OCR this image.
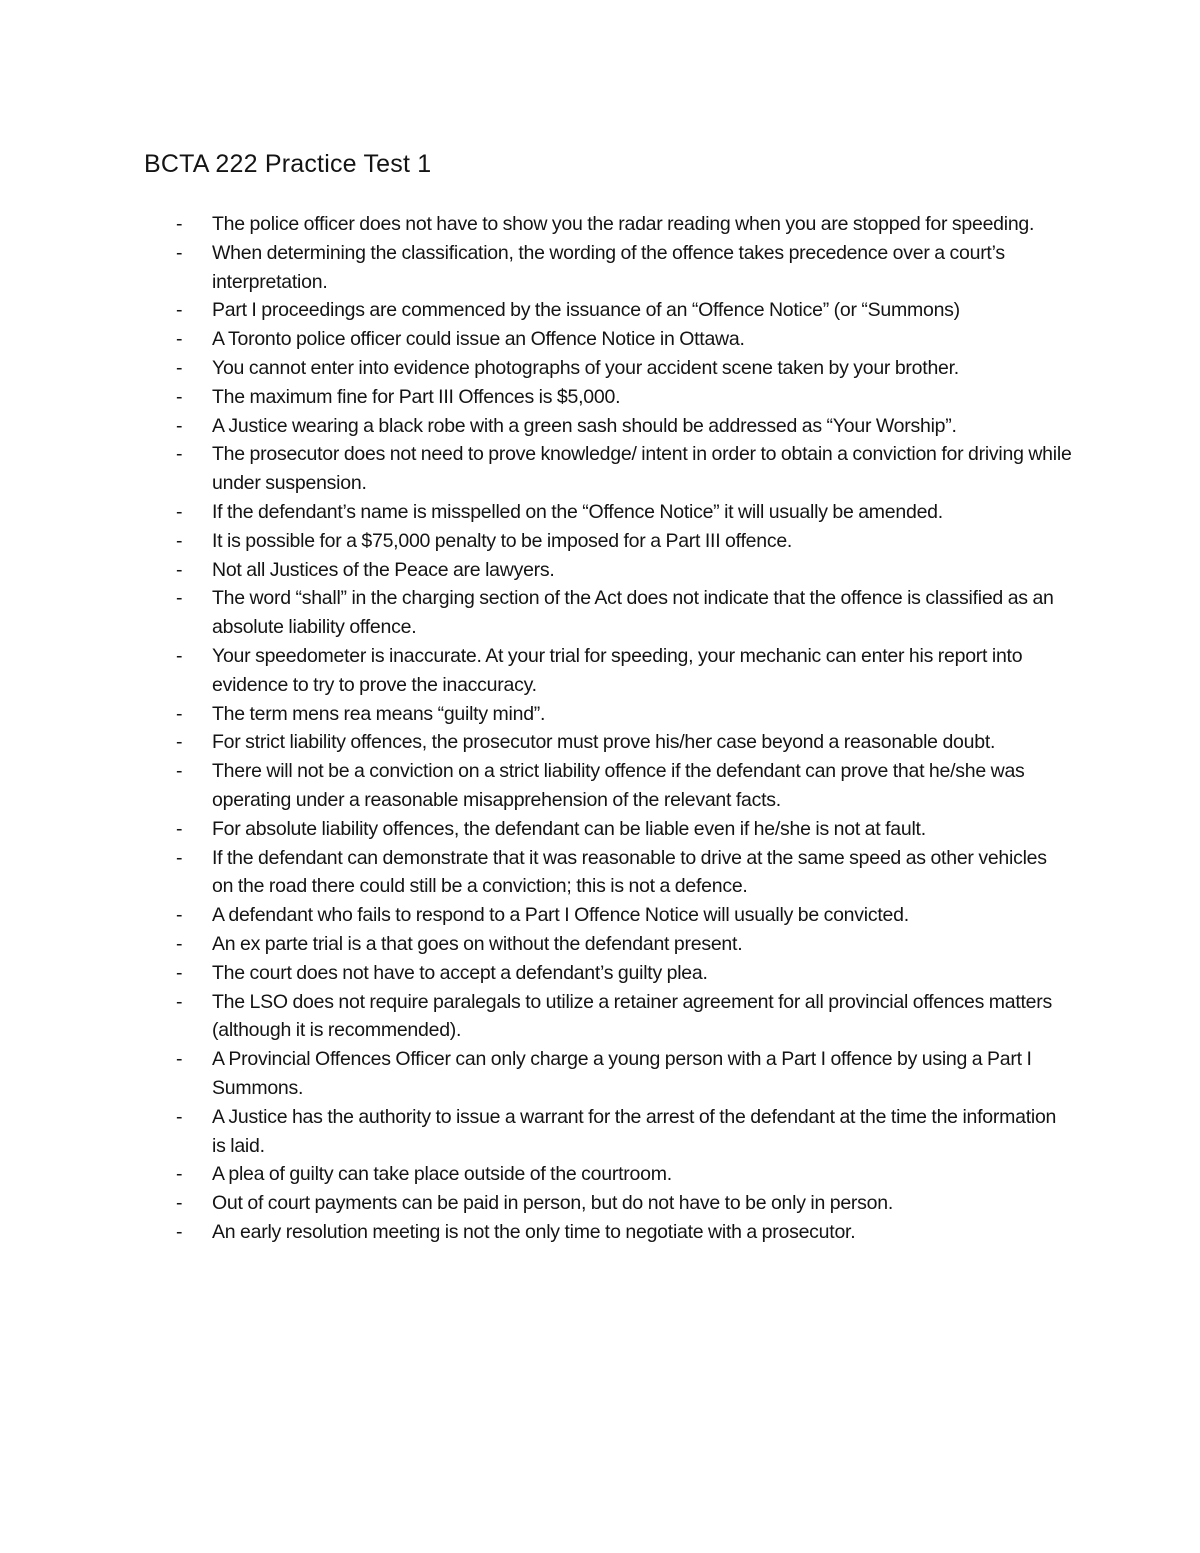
BCTA 222 Practice Test 1
- The police officer does not have to show you the radar reading when you are stopped for speeding.
- When determining the classification, the wording of the offence takes precedence over a court’s interpretation.
- Part I proceedings are commenced by the issuance of an “Offence Notice” (or “Summons)
- A Toronto police officer could issue an Offence Notice in Ottawa.
- You cannot enter into evidence photographs of your accident scene taken by your brother.
- The maximum fine for Part III Offences is $5,000.
- A Justice wearing a black robe with a green sash should be addressed as “Your Worship”.
- The prosecutor does not need to prove knowledge/ intent in order to obtain a conviction for driving while under suspension.
- If the defendant’s name is misspelled on the “Offence Notice” it will usually be amended.
- It is possible for a $75,000 penalty to be imposed for a Part III offence.
- Not all Justices of the Peace are lawyers.
- The word “shall” in the charging section of the Act does not indicate that the offence is classified as an absolute liability offence.
- Your speedometer is inaccurate. At your trial for speeding, your mechanic can enter his report into evidence to try to prove the inaccuracy.
- The term mens rea means “guilty mind”.
- For strict liability offences, the prosecutor must prove his/her case beyond a reasonable doubt.
- There will not be a conviction on a strict liability offence if the defendant can prove that he/she was operating under a reasonable misapprehension of the relevant facts.
- For absolute liability offences, the defendant can be liable even if he/she is not at fault.
- If the defendant can demonstrate that it was reasonable to drive at the same speed as other vehicles on the road there could still be a conviction; this is not a defence.
- A defendant who fails to respond to a Part I Offence Notice will usually be convicted.
- An ex parte trial is a that goes on without the defendant present.
- The court does not have to accept a defendant’s guilty plea.
- The LSO does not require paralegals to utilize a retainer agreement for all provincial offences matters (although it is recommended).
- A Provincial Offences Officer can only charge a young person with a Part I offence by using a Part I Summons.
- A Justice has the authority to issue a warrant for the arrest of the defendant at the time the information is laid.
- A plea of guilty can take place outside of the courtroom.
- Out of court payments can be paid in person, but do not have to be only in person.
- An early resolution meeting is not the only time to negotiate with a prosecutor.
